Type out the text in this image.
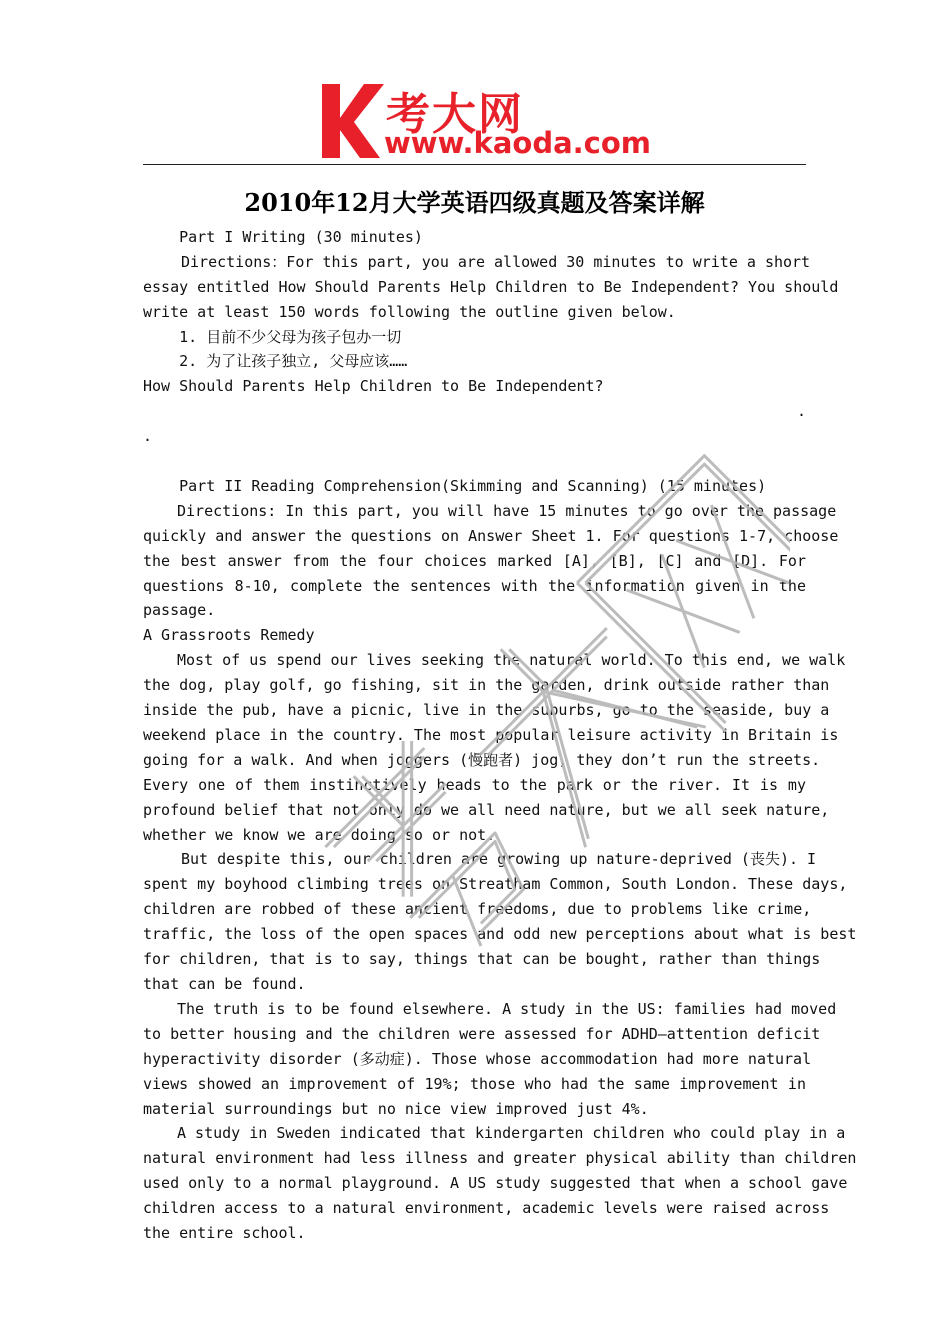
考大网
www.kaoda.com
2010年12月大学英语四级真题及答案详解
Part I Writing (30 minutes)
Directions：For this part, you are allowed 30 minutes to write a short
essay entitled How Should Parents Help Children to Be Independent? You should
write at least 150 words following the outline given below.
1. 目前不少父母为孩子包办一切
2. 为了让孩子独立, 父母应该……
How Should Parents Help Children to Be Independent?
.
.
Part II Reading Comprehension(Skimming and Scanning) (15 minutes)
Directions: In this part, you will have 15 minutes to go over the passage
quickly and answer the questions on Answer Sheet 1. For questions 1-7, choose
the best answer from the four choices marked [A], [B], [C] and [D]. For
questions 8-10, complete the sentences with the information given in the
passage.
A Grassroots Remedy
Most of us spend our lives seeking the natural world. To this end, we walk
the dog, play golf, go fishing, sit in the garden, drink outside rather than
inside the pub, have a picnic, live in the suburbs, go to the seaside, buy a
weekend place in the country. The most popular leisure activity in Britain is
going for a walk. And when joggers (慢跑者) jog, they don’t run the streets.
Every one of them instinctively heads to the park or the river. It is my
profound belief that not only do we all need nature, but we all seek nature,
whether we know we are doing so or not.
But despite this, our children are growing up nature-deprived (丧失). I
spent my boyhood climbing trees on Streatham Common, South London. These days,
children are robbed of these ancient freedoms, due to problems like crime,
traffic, the loss of the open spaces and odd new perceptions about what is best
for children, that is to say, things that can be bought, rather than things
that can be found.
The truth is to be found elsewhere. A study in the US: families had moved
to better housing and the children were assessed for ADHD—attention deficit
hyperactivity disorder (多动症). Those whose accommodation had more natural
views showed an improvement of 19%; those who had the same improvement in
material surroundings but no nice view improved just 4%.
A study in Sweden indicated that kindergarten children who could play in a
natural environment had less illness and greater physical ability than children
used only to a normal playground. A US study suggested that when a school gave
children access to a natural environment, academic levels were raised across
the entire school.
